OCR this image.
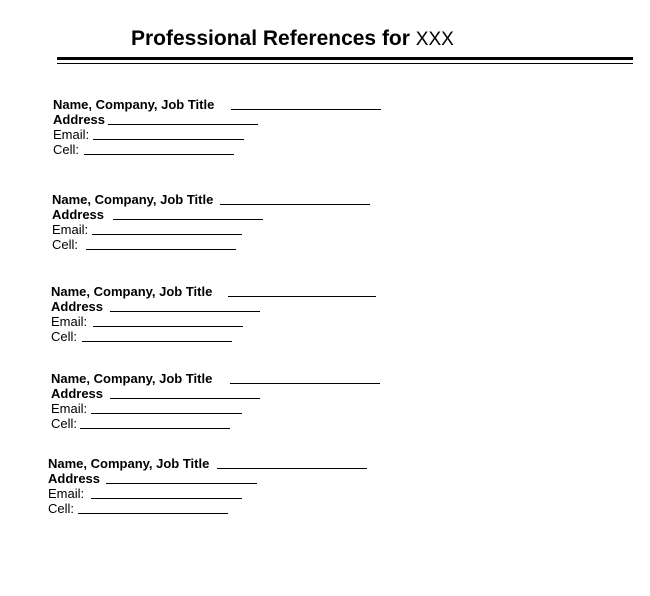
Professional References for XXX
Name, Company, Job Title
Address
Email:
Cell:
Name, Company, Job Title
Address
Email:
Cell:
Name, Company, Job Title
Address
Email:
Cell:
Name, Company, Job Title
Address
Email:
Cell:
Name, Company, Job Title
Address
Email:
Cell:
